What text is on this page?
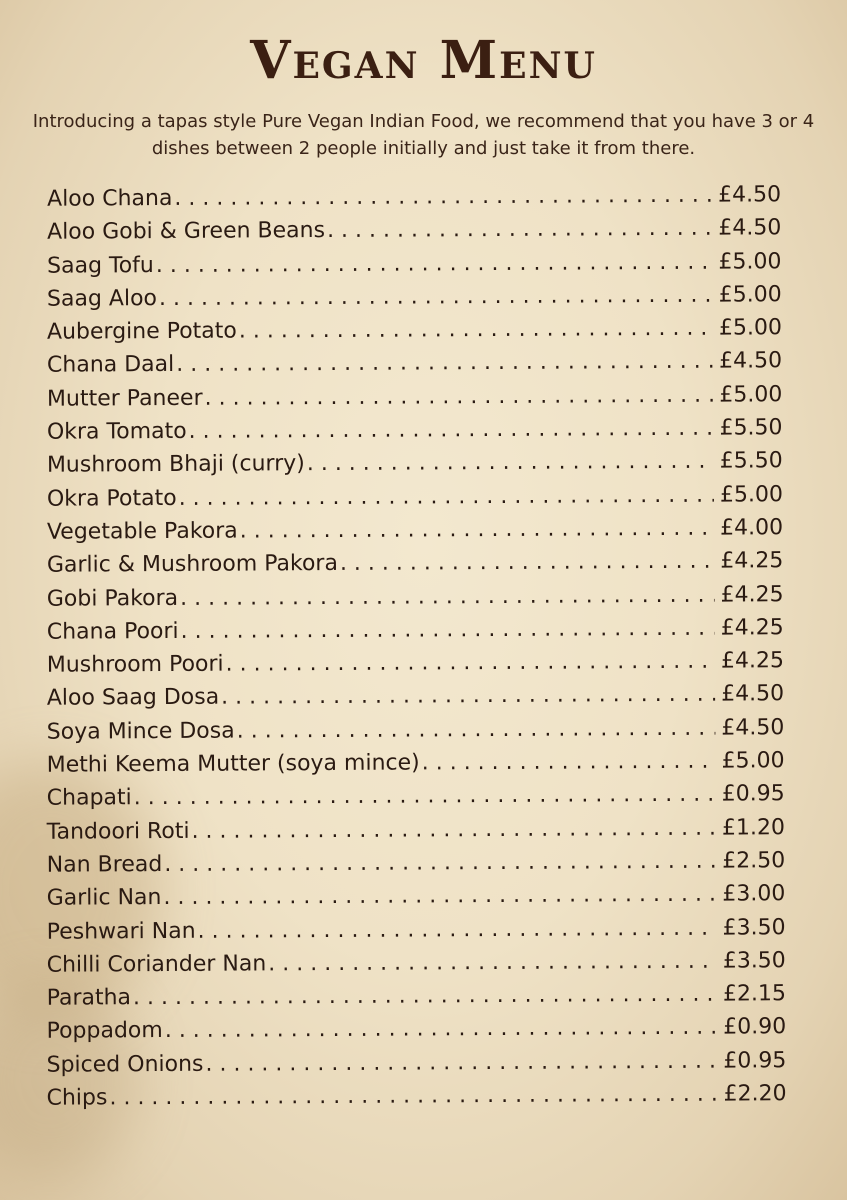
Vegan Menu

Introducing a tapas style Pure Vegan Indian Food, we recommend that you have 3 or 4 dishes between 2 people initially and just take it from there.

Aloo Chana . . .	£4.50
Aloo Gobi & Green Beans . . .	£4.50
Saag Tofu . . .	£5.00
Saag Aloo . . .	£5.00
Aubergine Potato . . .	£5.00
Chana Daal . . .	£4.50
Mutter Paneer . . .	£5.00
Okra Tomato . . .	£5.50
Mushroom Bhaji (curry) . . .	£5.50
Okra Potato . . .	£5.00
Vegetable Pakora . . .	£4.00
Garlic & Mushroom Pakora . . .	£4.25
Gobi Pakora . . .	£4.25
Chana Poori . . .	£4.25
Mushroom Poori . . .	£4.25
Aloo Saag Dosa . . .	£4.50
Soya Mince Dosa . . .	£4.50
Methi Keema Mutter (soya mince) . . .	£5.00
Chapati . . .	£0.95
Tandoori Roti . . .	£1.20
Nan Bread . . .	£2.50
Garlic Nan . . .	£3.00
Peshwari Nan . . .	£3.50
Chilli Coriander Nan . . .	£3.50
Paratha . . .	£2.15
Poppadom . . .	£0.90
Spiced Onions . . .	£0.95
Chips . . .	£2.20
